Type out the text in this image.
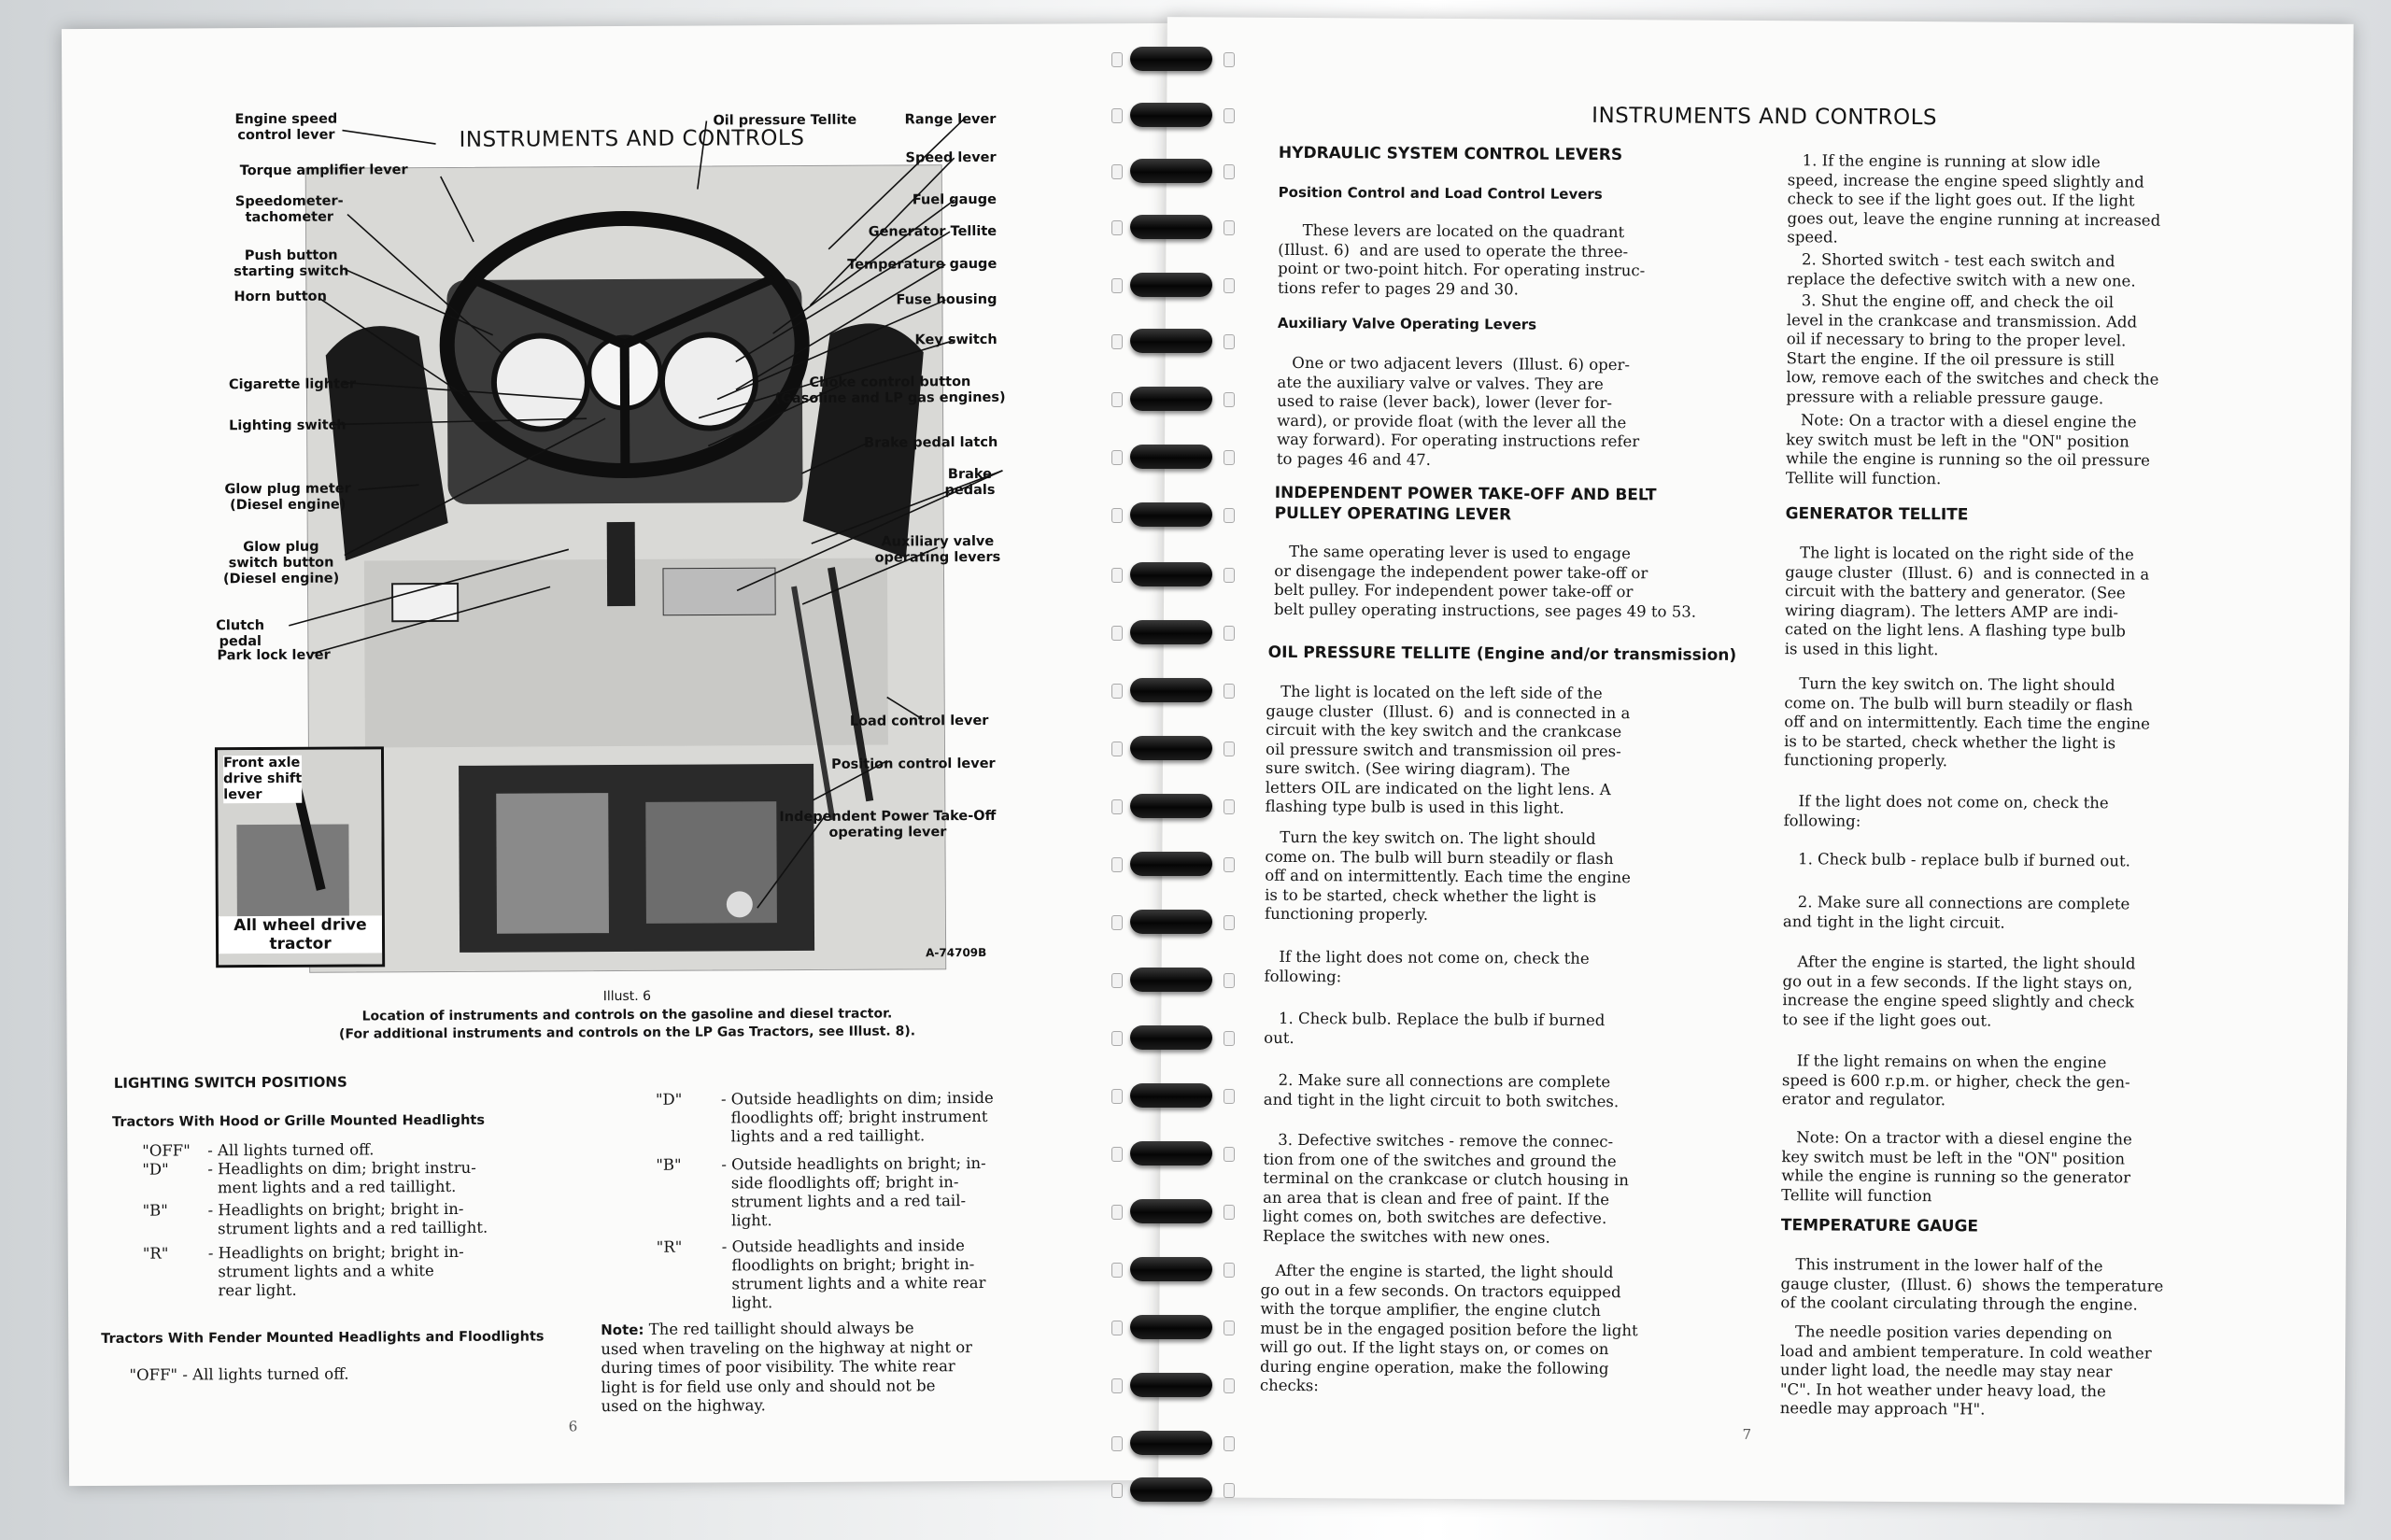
INSTRUMENTS AND CONTROLS
Front axle
drive shift
lever
All wheel drive
tractor
Engine speed
control lever
Torque amplifier lever
Speedometer-
tachometer
Push button
starting switch
Horn button
Cigarette lighter
Lighting switch
Glow plug meter
(Diesel engine)
Glow plug
switch button
(Diesel engine)
Clutch
pedal
Park lock lever
Oil pressure Tellite	Range lever
Speed lever
Fuel gauge
Generator Tellite
Temperature gauge
Fuse housing
Key switch
Choke control button
(Gasoline and LP gas engines)
Brake pedal latch
Brake
pedals
Auxiliary valve
operating levers
Load control lever
Position control lever
Independent Power Take-Off
operating lever
A-74709B
Illust. 6
Location of instruments and controls on the gasoline and diesel tractor.
(For additional instruments and controls on the LP Gas Tractors, see Illust. 8).
LIGHTING SWITCH POSITIONS
Tractors With Hood or Grille Mounted Headlights
"OFF" - All lights turned off.
"D"	- Headlights on dim; bright instru-
ment lights and a red taillight.
"B"	- Headlights on bright; bright in-
strument lights and a red taillight.
"R"	- Headlights on bright; bright in-
strument lights and a white
rear light.
Tractors With Fender Mounted Headlights and Floodlights
"OFF" - All lights turned off.
"D"	- Outside headlights on dim; inside
floodlights off; bright instrument
lights and a red taillight.
"B"	- Outside headlights on bright; in-
side floodlights off; bright in-
strument lights and a red tail-
light.
"R"	- Outside headlights and inside
floodlights on bright; bright in-
strument lights and a white rear
light.
Note: The red taillight should always be
used when traveling on the highway at night or
during times of poor visibility. The white rear
light is for field use only and should not be
used on the highway.
6
INSTRUMENTS AND CONTROLS
HYDRAULIC SYSTEM CONTROL LEVERS
Position Control and Load Control Levers
These levers are located on the quadrant
(Illust. 6)  and are used to operate the three-
point or two-point hitch. For operating instruc-
tions refer to pages 29 and 30.
Auxiliary Valve Operating Levers
One or two adjacent levers  (Illust. 6) oper-
ate the auxiliary valve or valves. They are
used to raise (lever back), lower (lever for-
ward), or provide float (with the lever all the
way forward). For operating instructions refer
to pages 46 and 47.
INDEPENDENT POWER TAKE-OFF AND BELT
PULLEY OPERATING LEVER
The same operating lever is used to engage
or disengage the independent power take-off or
belt pulley. For independent power take-off or
belt pulley operating instructions, see pages 49 to 53.
OIL PRESSURE TELLITE (Engine and/or transmission)
The light is located on the left side of the
gauge cluster  (Illust. 6)  and is connected in a
circuit with the key switch and the crankcase
oil pressure switch and transmission oil pres-
sure switch. (See wiring diagram). The
letters OIL are indicated on the light lens. A
flashing type bulb is used in this light.
Turn the key switch on. The light should
come on. The bulb will burn steadily or flash
off and on intermittently. Each time the engine
is to be started, check whether the light is
functioning properly.
If the light does not come on, check the
following:
1. Check bulb. Replace the bulb if burned
out.
2. Make sure all connections are complete
and tight in the light circuit to both switches.
3. Defective switches - remove the connec-
tion from one of the switches and ground the
terminal on the crankcase or clutch housing in
an area that is clean and free of paint. If the
light comes on, both switches are defective.
Replace the switches with new ones.
After the engine is started, the light should
go out in a few seconds. On tractors equipped
with the torque amplifier, the engine clutch
must be in the engaged position before the light
will go out. If the light stays on, or comes on
during engine operation, make the following
checks:
1. If the engine is running at slow idle
speed, increase the engine speed slightly and
check to see if the light goes out. If the light
goes out, leave the engine running at increased
speed.
2. Shorted switch - test each switch and
replace the defective switch with a new one.
3. Shut the engine off, and check the oil
level in the crankcase and transmission. Add
oil if necessary to bring to the proper level.
Start the engine. If the oil pressure is still
low, remove each of the switches and check the
pressure with a reliable pressure gauge.
Note: On a tractor with a diesel engine the
key switch must be left in the "ON" position
while the engine is running so the oil pressure
Tellite will function.
GENERATOR TELLITE
The light is located on the right side of the
gauge cluster  (Illust. 6)  and is connected in a
circuit with the battery and generator. (See
wiring diagram). The letters AMP are indi-
cated on the light lens. A flashing type bulb
is used in this light.
Turn the key switch on. The light should
come on. The bulb will burn steadily or flash
off and on intermittently. Each time the engine
is to be started, check whether the light is
functioning properly.
If the light does not come on, check the
following:
1. Check bulb - replace bulb if burned out.
2. Make sure all connections are complete
and tight in the light circuit.
After the engine is started, the light should
go out in a few seconds. If the light stays on,
increase the engine speed slightly and check
to see if the light goes out.
If the light remains on when the engine
speed is 600 r.p.m. or higher, check the gen-
erator and regulator.
Note: On a tractor with a diesel engine the
key switch must be left in the "ON" position
while the engine is running so the generator
Tellite will function
TEMPERATURE GAUGE
This instrument in the lower half of the
gauge cluster,  (Illust. 6)  shows the temperature
of the coolant circulating through the engine.
The needle position varies depending on
load and ambient temperature. In cold weather
under light load, the needle may stay near
"C". In hot weather under heavy load, the
needle may approach "H".
7
